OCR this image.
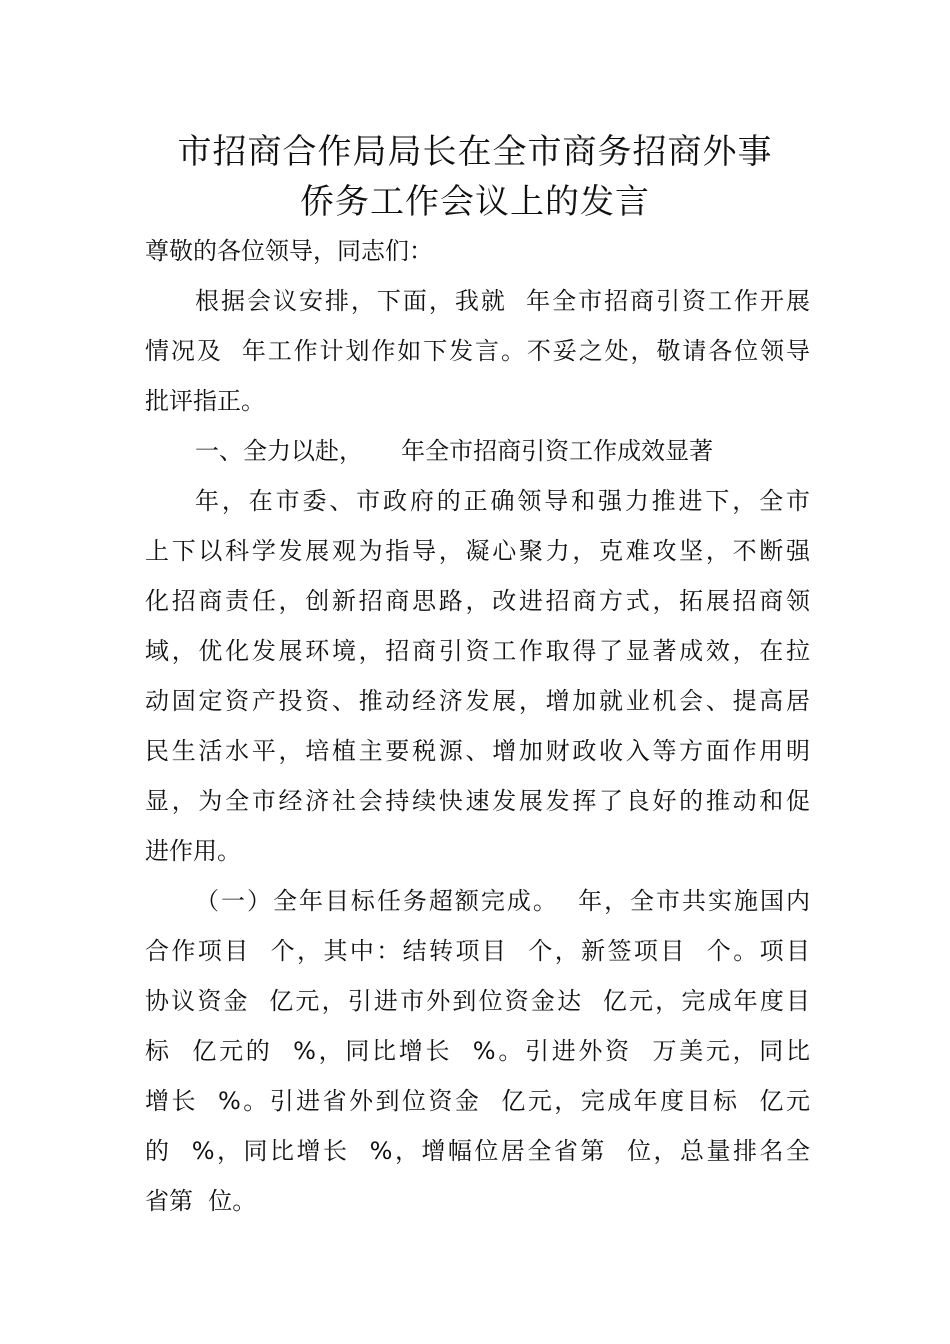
市招商合作局局长在全市商务招商外事
侨务工作会议上的发言
尊敬的各位领导，同志们：
根据会议安排，下面，我就  年全市招商引资工作开展
情况及  年工作计划作如下发言。不妥之处，敬请各位领导
批评指正。
一、全力以赴，     年全市招商引资工作成效显著
年，在市委、市政府的正确领导和强力推进下，全市
上下以科学发展观为指导，凝心聚力，克难攻坚，不断强
化招商责任，创新招商思路，改进招商方式，拓展招商领
域，优化发展环境，招商引资工作取得了显著成效，在拉
动固定资产投资、推动经济发展，增加就业机会、提高居
民生活水平，培植主要税源、增加财政收入等方面作用明
显，为全市经济社会持续快速发展发挥了良好的推动和促
进作用。
（一）全年目标任务超额完成。  年，全市共实施国内
合作项目  个，其中：结转项目  个，新签项目  个。项目
协议资金  亿元，引进市外到位资金达  亿元，完成年度目
标  亿元的  %，同比增长  %。引进外资  万美元，同比
增长  %。引进省外到位资金  亿元，完成年度目标  亿元
的  %，同比增长  %，增幅位居全省第  位，总量排名全
省第  位。
